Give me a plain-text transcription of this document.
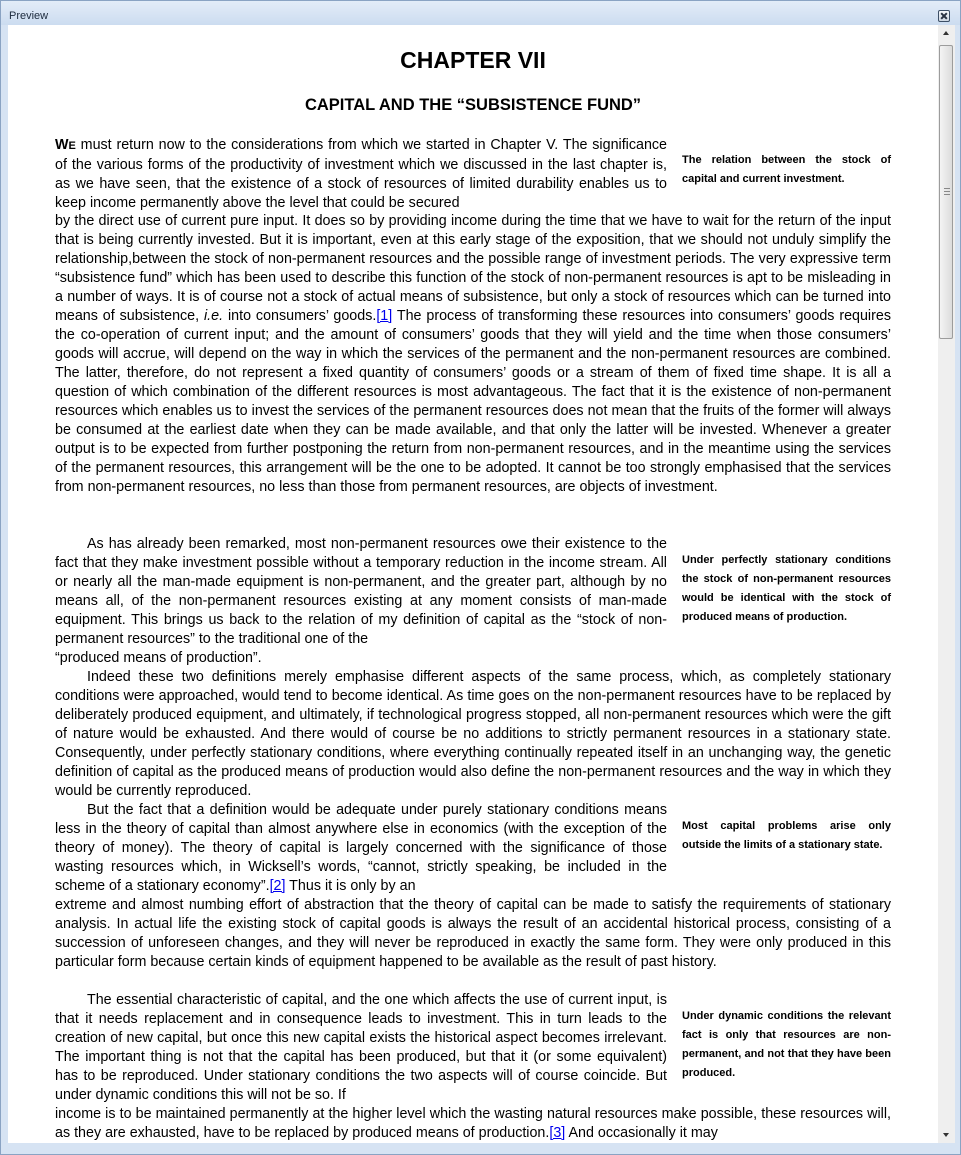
Preview
CHAPTER VII
CAPITAL AND THE “SUBSISTENCE FUND”

WE must return now to the considerations from which we started in Chapter V. The significance of the various forms of the productivity of investment which we discussed in the last chapter is, as we have seen, that the existence of a stock of resources of limited durability enables us to keep income permanently above the level that could be secured

by the direct use of current pure input. It does so by providing income during the time that we have to wait for the return of the input that is being currently invested. But it is important, even at this early stage of the exposition, that we should not unduly simplify the relationship,between the stock of non-permanent resources and the possible range of investment periods. The very expressive term “subsistence fund” which has been used to describe this function of the stock of non-permanent resources is apt to be misleading in a number of ways. It is of course not a stock of actual means of subsistence, but only a stock of resources which can be turned into means of subsistence, i.e. into consumers’ goods.[1] The process of transforming these resources into consumers’ goods requires the co-operation of current input; and the amount of consumers’ goods that they will yield and the time when those consumers’ goods will accrue, will depend on the way in which the services of the permanent and the non-permanent resources are combined. The latter, therefore, do not represent a fixed quantity of consumers’ goods or a stream of them of fixed time shape. It is all a question of which combination of the different resources is most advantageous. The fact that it is the existence of non-permanent resources which enables us to invest the services of the permanent resources does not mean that the fruits of the former will always be consumed at the earliest date when they can be made available, and that only the latter will be invested. Whenever a greater output is to be expected from further postponing the return from non-permanent resources, and in the meantime using the services of the permanent resources, this arrangement will be the one to be adopted. It cannot be too strongly emphasised that the services from non-permanent resources, no less than those from permanent resources, are objects of investment.

As has already been remarked, most non-permanent resources owe their existence to the fact that they make investment possible without a temporary reduction in the income stream. All or nearly all the man-made equipment is non-permanent, and the greater part, although by no means all, of the non-permanent resources existing at any moment consists of man-made equipment. This brings us back to the relation of my definition of capital as the “stock of non-permanent resources” to the traditional one of the

“produced means of production”.

Indeed these two definitions merely emphasise different aspects of the same process, which, as completely stationary conditions were approached, would tend to become identical. As time goes on the non-permanent resources have to be replaced by deliberately produced equipment, and ultimately, if technological progress stopped, all non-permanent resources which were the gift of nature would be exhausted. And there would of course be no additions to strictly permanent resources in a stationary state. Consequently, under perfectly stationary conditions, where everything continually repeated itself in an unchanging way, the genetic definition of capital as the produced means of production would also define the non-permanent resources and the way in which they would be currently reproduced.

But the fact that a definition would be adequate under purely stationary conditions means less in the theory of capital than almost anywhere else in economics (with the exception of the theory of money). The theory of capital is largely concerned with the significance of those wasting resources which, in Wicksell’s words, “cannot, strictly speaking, be included in the scheme of a stationary economy”.[2] Thus it is only by an

extreme and almost numbing effort of abstraction that the theory of capital can be made to satisfy the requirements of stationary analysis. In actual life the existing stock of capital goods is always the result of an accidental historical process, consisting of a succession of unforeseen changes, and they will never be reproduced in exactly the same form. They were only produced in this particular form because certain kinds of equipment happened to be available as the result of past history.

The essential characteristic of capital, and the one which affects the use of current input, is that it needs replacement and in consequence leads to investment. This in turn leads to the creation of new capital, but once this new capital exists the historical aspect becomes irrelevant. The important thing is not that the capital has been produced, but that it (or some equivalent) has to be reproduced. Under stationary conditions the two aspects will of course coincide. But under dynamic conditions this will not be so. If

income is to be maintained permanently at the higher level which the wasting natural resources make possible, these resources will, as they are exhausted, have to be replaced by produced means of production.[3] And occasionally it may

The relation between the stock of capital and current investment.

Under perfectly stationary conditions the stock of non-permanent resources would be identical with the stock of produced means of production.

Most capital problems arise only outside the limits of a stationary state.

Under dynamic conditions the relevant fact is only that resources are non-permanent, and not that they have been produced.
